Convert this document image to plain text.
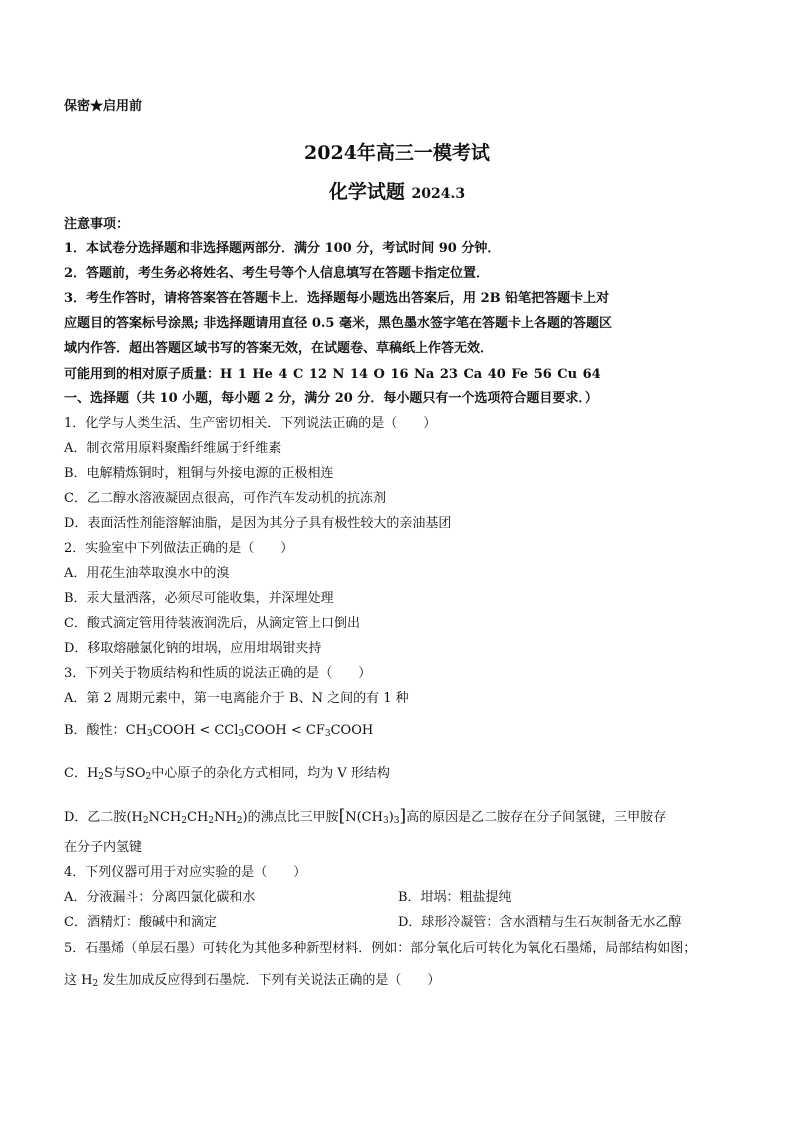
保密★启用前
2024年高三一模考试
化学试题 2024.3
注意事项：
1．本试卷分选择题和非选择题两部分．满分 100 分，考试时间 90 分钟．
2．答题前，考生务必将姓名、考生号等个人信息填写在答题卡指定位置．
3．考生作答时，请将答案答在答题卡上．选择题每小题选出答案后，用 2B 铅笔把答题卡上对
应题目的答案标号涂黑; 非选择题请用直径 0.5 毫米，黑色墨水签字笔在答题卡上各题的答题区
域内作答．超出答题区域书写的答案无效，在试题卷、草稿纸上作答无效．
可能用到的相对原子质量：H 1 He 4 C 12 N 14 O 16 Na 23 Ca 40 Fe 56 Cu 64
一、选择题（共 10 小题，每小题 2 分，满分 20 分．每小题只有一个选项符合题目要求．）
1．化学与人类生活、生产密切相关．下列说法正确的是（　　）
A．制衣常用原料聚酯纤维属于纤维素
B．电解精炼铜时，粗铜与外接电源的正极相连
C．乙二醇水溶液凝固点很高，可作汽车发动机的抗冻剂
D．表面活性剂能溶解油脂，是因为其分子具有极性较大的亲油基团
2．实验室中下列做法正确的是（　　）
A．用花生油萃取溴水中的溴
B．汞大量洒落，必须尽可能收集，并深埋处理
C．酸式滴定管用待装液润洗后，从滴定管上口倒出
D．移取熔融氯化钠的坩埚，应用坩埚钳夹持
3．下列关于物质结构和性质的说法正确的是（　　）
A．第 2 周期元素中，第一电离能介于 B、N 之间的有 1 种
B．酸性：$CH_3COOH$ < CCl$_3$COOH < $CF_3COOH$
C．$H_2S$与$SO_2$中心原子的杂化方式相同，均为 V 形结构
D．乙二胺$(H_2NCH_2CH_2NH_2)$的沸点比三甲胺$[N(CH_3)_3]$高的原因是乙二胺存在分子间氢键，三甲胺存
在分子内氢键
4．下列仪器可用于对应实验的是（　　）
A．分液漏斗：分离四氯化碳和水	B．坩埚：粗盐提纯
C．酒精灯：酸碱中和滴定	D．球形冷凝管：含水酒精与生石灰制备无水乙醇
5．石墨烯（单层石墨）可转化为其他多种新型材料．例如：部分氧化后可转化为氧化石墨烯，局部结构如图；
这 $H_2$ 发生加成反应得到石墨烷．下列有关说法正确的是（　　）
